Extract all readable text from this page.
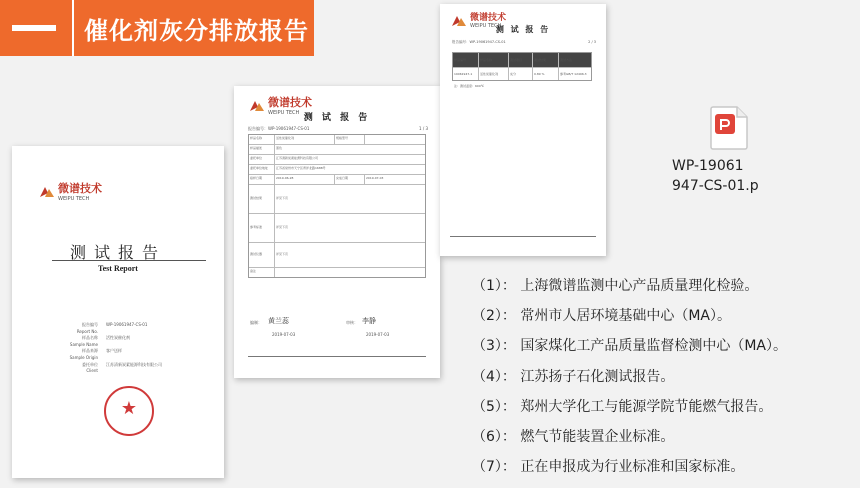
催化剂灰分排放报告
微谱技术
WEIPU TECH
测试报告
Test Report
报告编号 WP-19061947-CS-01
Report No.
样品名称 活性炭催化剂
Sample Name
样品来源 客户送样
Sample Origin
委托单位 江苏清新炭素能源科技有限公司
Client
★
微谱技术
WEIPU TECH 测 试 报 告
报告编号：WP-19061947-CS-01	1 / 3
样品名称	活性炭催化剂	规格型号
样品描述	黑色
委托单位	江苏清新炭素能源科技有限公司
委托单位地址	江苏省常州市天宁区青洋北路1688号
接样日期	2019-06-28	完成日期	2019-07-03
测试结果	详见下页
参考标准	详见下页
测试仪器	详见下页
备注
编制： 黄兰蕊	审核： 李静
2019-07-03	2019-07-03
微谱技术
WEIPU TECH
测 试 报 告
报告编号：WP-19061947-CS-01	2 / 3
样品编号	样品名称	测试项目	测试结果	测试方法
19061947-1	活性炭催化剂	灰分	0.89 %	参考GB/T 12496.3
注：测试温度：600℃
WP-19061
947-CS-01.p
（1）： 上海微谱监测中心产品质量理化检验。
（2）： 常州市人居环境基础中心（MA）。
（3）： 国家煤化工产品质量监督检测中心（MA）。
（4）： 江苏扬子石化测试报告。
（5）： 郑州大学化工与能源学院节能燃气报告。
（6）： 燃气节能装置企业标准。
（7）： 正在申报成为行业标准和国家标准。
